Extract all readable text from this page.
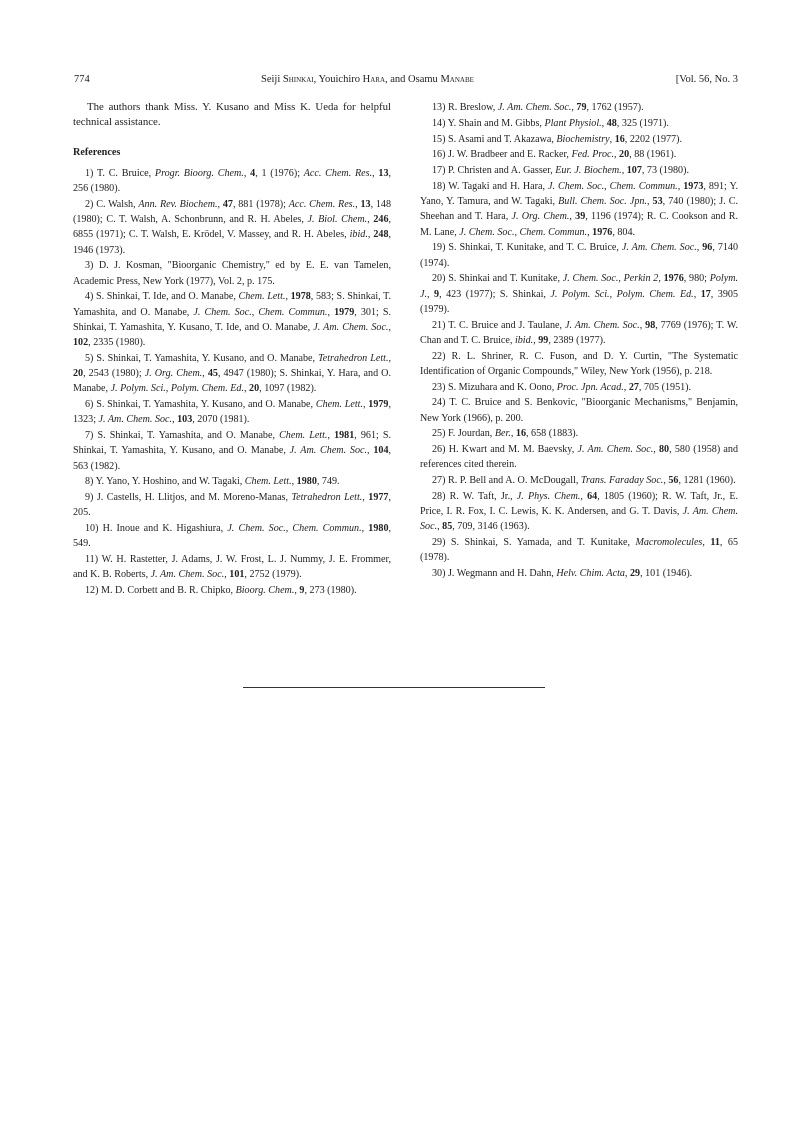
774	Seiji Shinkai, Youichiro Hara, and Osamu Manabe	[Vol. 56, No. 3

The authors thank Miss. Y. Kusano and Miss K. Ueda for helpful technical assistance.

References
1) T. C. Bruice, Progr. Bioorg. Chem., 4, 1 (1976); Acc. Chem. Res., 13, 256 (1980).
2) C. Walsh, Ann. Rev. Biochem., 47, 881 (1978); Acc. Chem. Res., 13, 148 (1980); C. T. Walsh, A. Schonbrunn, and R. H. Abeles, J. Biol. Chem., 246, 6855 (1971); C. T. Walsh, E. Krödel, V. Massey, and R. H. Abeles, ibid., 248, 1946 (1973).
3) D. J. Kosman, "Bioorganic Chemistry," ed by E. E. van Tamelen, Academic Press, New York (1977), Vol. 2, p. 175.
4) S. Shinkai, T. Ide, and O. Manabe, Chem. Lett., 1978, 583; S. Shinkai, T. Yamashita, and O. Manabe, J. Chem. Soc., Chem. Commun., 1979, 301; S. Shinkai, T. Yamashita, Y. Kusano, T. Ide, and O. Manabe, J. Am. Chem. Soc., 102, 2335 (1980).
5) S. Shinkai, T. Yamashita, Y. Kusano, and O. Manabe, Tetrahedron Lett., 20, 2543 (1980); J. Org. Chem., 45, 4947 (1980); S. Shinkai, Y. Hara, and O. Manabe, J. Polym. Sci., Polym. Chem. Ed., 20, 1097 (1982).
6) S. Shinkai, T. Yamashita, Y. Kusano, and O. Manabe, Chem. Lett., 1979, 1323; J. Am. Chem. Soc., 103, 2070 (1981).
7) S. Shinkai, T. Yamashita, and O. Manabe, Chem. Lett., 1981, 961; S. Shinkai, T. Yamashita, Y. Kusano, and O. Manabe, J. Am. Chem. Soc., 104, 563 (1982).
8) Y. Yano, Y. Hoshino, and W. Tagaki, Chem. Lett., 1980, 749.
9) J. Castells, H. Llitjos, and M. Moreno-Manas, Tetrahedron Lett., 1977, 205.
10) H. Inoue and K. Higashiura, J. Chem. Soc., Chem. Commun., 1980, 549.
11) W. H. Rastetter, J. Adams, J. W. Frost, L. J. Nummy, J. E. Frommer, and K. B. Roberts, J. Am. Chem. Soc., 101, 2752 (1979).
12) M. D. Corbett and B. R. Chipko, Bioorg. Chem., 9, 273 (1980).
13) R. Breslow, J. Am. Chem. Soc., 79, 1762 (1957).
14) Y. Shain and M. Gibbs, Plant Physiol., 48, 325 (1971).
15) S. Asami and T. Akazawa, Biochemistry, 16, 2202 (1977).
16) J. W. Bradbeer and E. Racker, Fed. Proc., 20, 88 (1961).
17) P. Christen and A. Gasser, Eur. J. Biochem., 107, 73 (1980).
18) W. Tagaki and H. Hara, J. Chem. Soc., Chem. Commun., 1973, 891; Y. Yano, Y. Tamura, and W. Tagaki, Bull. Chem. Soc. Jpn., 53, 740 (1980); J. C. Sheehan and T. Hara, J. Org. Chem., 39, 1196 (1974); R. C. Cookson and R. M. Lane, J. Chem. Soc., Chem. Commun., 1976, 804.
19) S. Shinkai, T. Kunitake, and T. C. Bruice, J. Am. Chem. Soc., 96, 7140 (1974).
20) S. Shinkai and T. Kunitake, J. Chem. Soc., Perkin 2, 1976, 980; Polym. J., 9, 423 (1977); S. Shinkai, J. Polym. Sci., Polym. Chem. Ed., 17, 3905 (1979).
21) T. C. Bruice and J. Taulane, J. Am. Chem. Soc., 98, 7769 (1976); T. W. Chan and T. C. Bruice, ibid., 99, 2389 (1977).
22) R. L. Shriner, R. C. Fuson, and D. Y. Curtin, "The Systematic Identification of Organic Compounds," Wiley, New York (1956), p. 218.
23) S. Mizuhara and K. Oono, Proc. Jpn. Acad., 27, 705 (1951).
24) T. C. Bruice and S. Benkovic, "Bioorganic Mechanisms," Benjamin, New York (1966), p. 200.
25) F. Jourdan, Ber., 16, 658 (1883).
26) H. Kwart and M. M. Baevsky, J. Am. Chem. Soc., 80, 580 (1958) and references cited therein.
27) R. P. Bell and A. O. McDougall, Trans. Faraday Soc., 56, 1281 (1960).
28) R. W. Taft, Jr., J. Phys. Chem., 64, 1805 (1960); R. W. Taft, Jr., E. Price, I. R. Fox, I. C. Lewis, K. K. Andersen, and G. T. Davis, J. Am. Chem. Soc., 85, 709, 3146 (1963).
29) S. Shinkai, S. Yamada, and T. Kunitake, Macromolecules, 11, 65 (1978).
30) J. Wegmann and H. Dahn, Helv. Chim. Acta, 29, 101 (1946).
